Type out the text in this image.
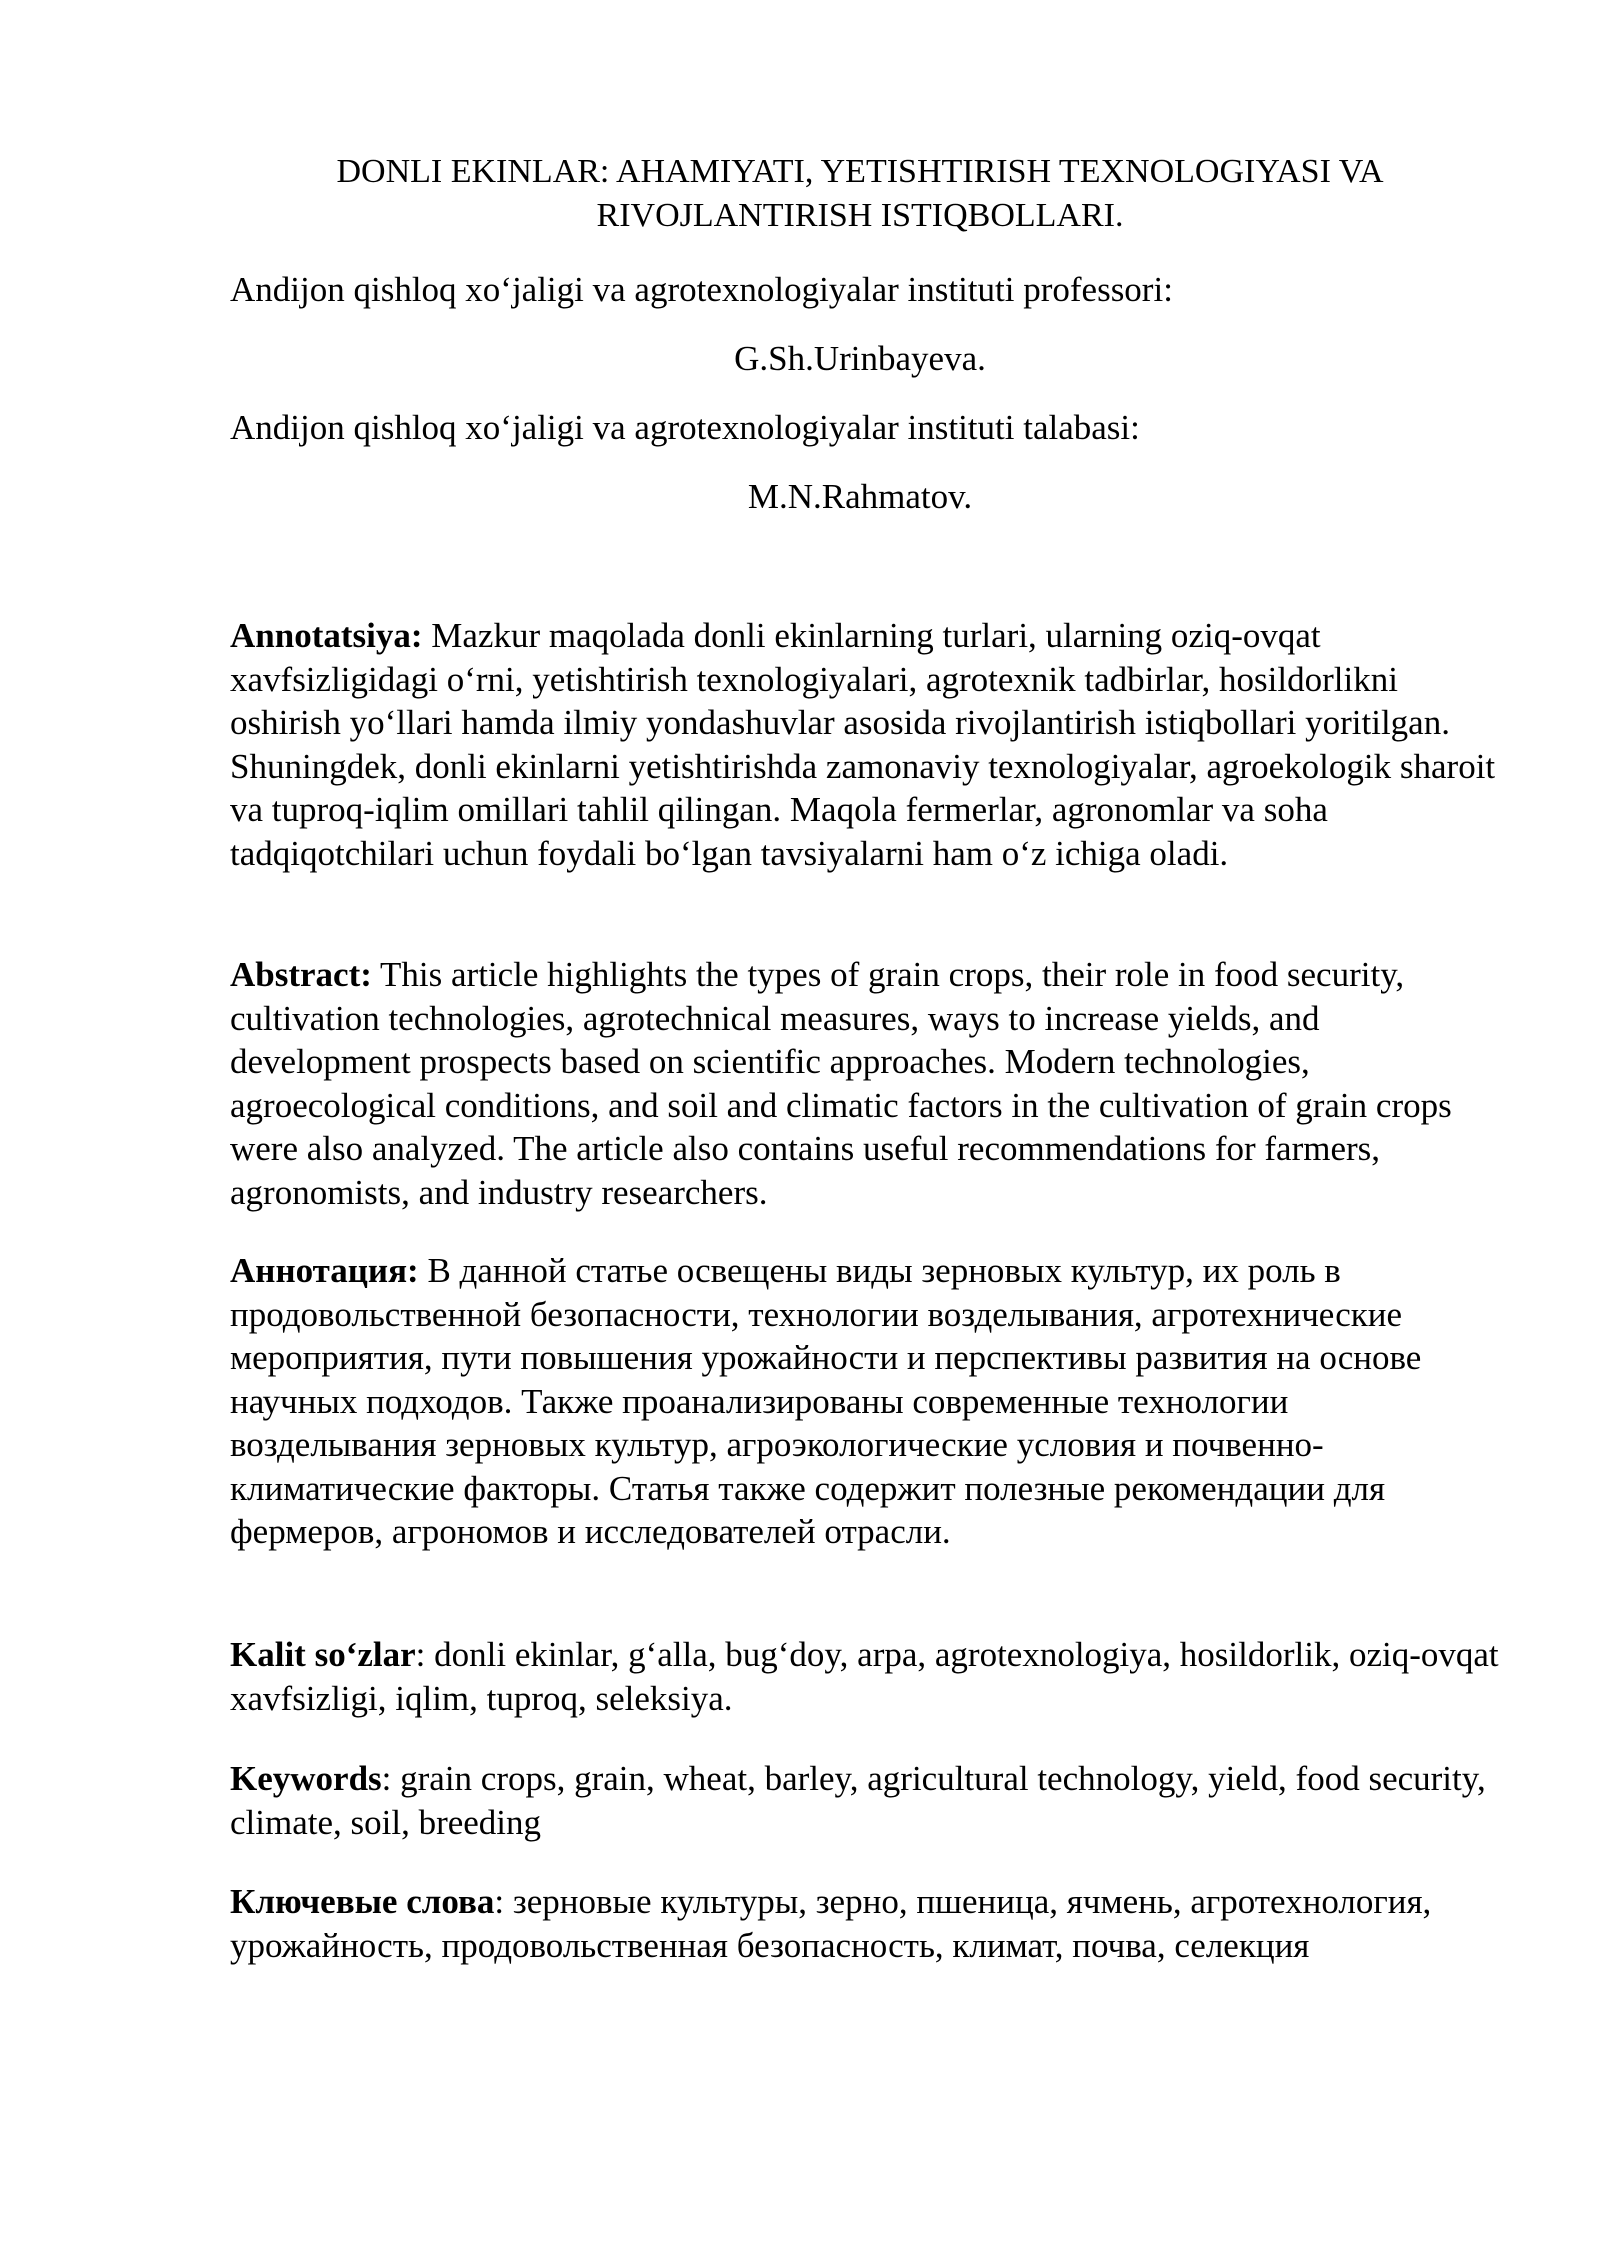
DONLI EKINLAR: AHAMIYATI, YETISHTIRISH TEXNOLOGIYASI VA
RIVOJLANTIRISH ISTIQBOLLARI.

Andijon qishloq xo‘jaligi va agrotexnologiyalar instituti professori:

G.Sh.Urinbayeva.

Andijon qishloq xo‘jaligi va agrotexnologiyalar instituti talabasi:

M.N.Rahmatov.

Annotatsiya: Mazkur maqolada donli ekinlarning turlari, ularning oziq-ovqat xavfsizligidagi o‘rni, yetishtirish texnologiyalari, agrotexnik tadbirlar, hosildorlikni oshirish yo‘llari hamda ilmiy yondashuvlar asosida rivojlantirish istiqbollari yoritilgan. Shuningdek, donli ekinlarni yetishtirishda zamonaviy texnologiyalar, agroekologik sharoit va tuproq-iqlim omillari tahlil qilingan. Maqola fermerlar, agronomlar va soha tadqiqotchilari uchun foydali bo‘lgan tavsiyalarni ham o‘z ichiga oladi.

Abstract: This article highlights the types of grain crops, their role in food security, cultivation technologies, agrotechnical measures, ways to increase yields, and development prospects based on scientific approaches. Modern technologies, agroecological conditions, and soil and climatic factors in the cultivation of grain crops were also analyzed. The article also contains useful recommendations for farmers, agronomists, and industry researchers.

Аннотация: В данной статье освещены виды зерновых культур, их роль в продовольственной безопасности, технологии возделывания, агротехнические мероприятия, пути повышения урожайности и перспективы развития на основе научных подходов. Также проанализированы современные технологии возделывания зерновых культур, агроэкологические условия и почвенно-климатические факторы. Статья также содержит полезные рекомендации для фермеров, агрономов и исследователей отрасли.

Kalit so‘zlar: donli ekinlar, g‘alla, bug‘doy, arpa, agrotexnologiya, hosildorlik, oziq-ovqat xavfsizligi, iqlim, tuproq, seleksiya.

Keywords: grain crops, grain, wheat, barley, agricultural technology, yield, food security, climate, soil, breeding

Ключевые слова: зерновые культуры, зерно, пшеница, ячмень, агротехнология, урожайность, продовольственная безопасность, климат, почва, селекция
